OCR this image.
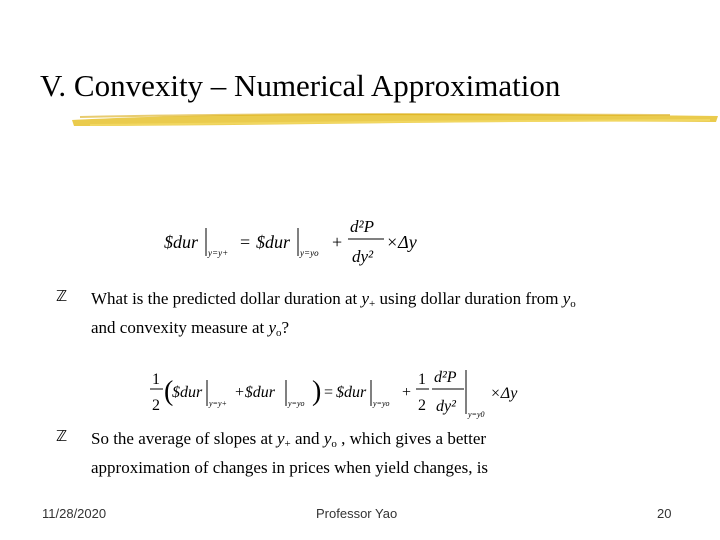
V. Convexity – Numerical Approximation
$dur
y=y+
= $dur
y=yo
+
d²P
dy²
×Δy
ℤ What is the predicted dollar duration at $y_+$ using dollar duration from $y_o$
and convexity measure at $y_o$?
1
2 (
$dur
y=y+
+$dur
y=yo ) = $dur
y=yo
+
1
2
d²P
dy² y=y0
×Δy
ℤ So the average of slopes at $y_+$ and $y_o$ , which gives a better
approximation of changes in prices when yield changes, is
11/28/2020	Professor Yao	20
